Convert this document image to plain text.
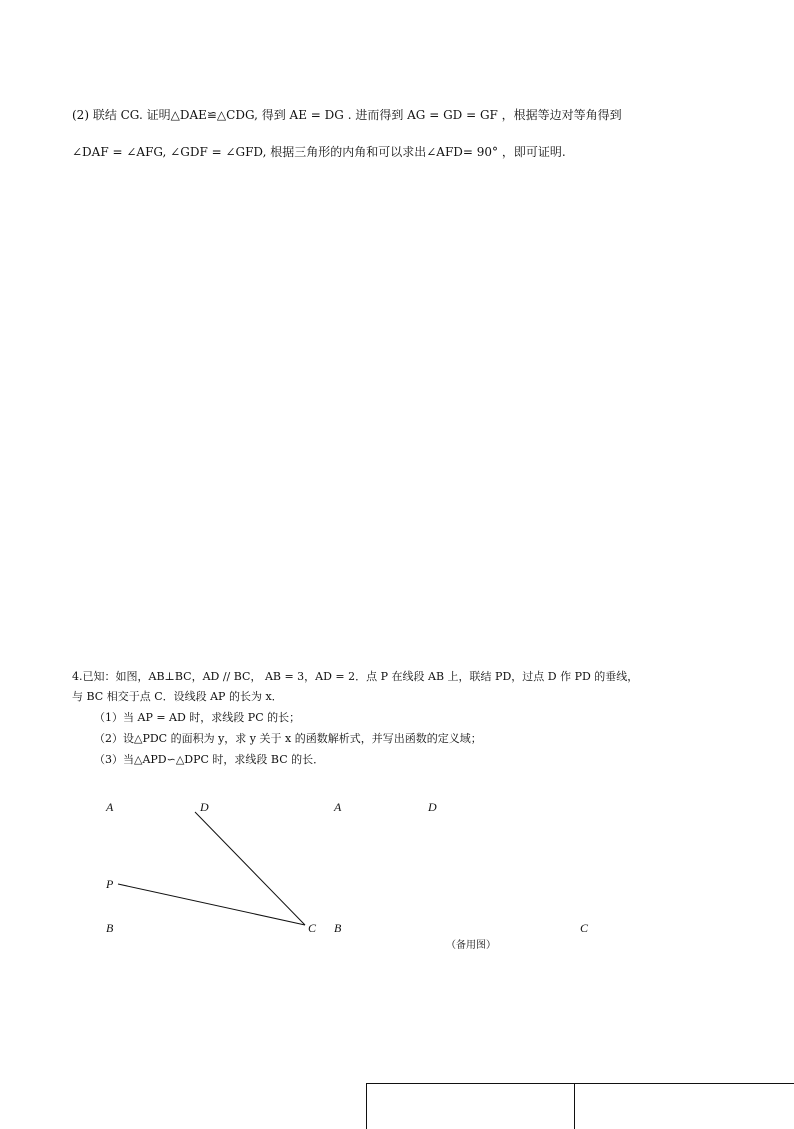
(2) 联结 CG. 证明△DAE≌△CDG, 得到 AE = DG . 进而得到 AG = GD = GF ，根据等边对等角得到
∠DAF = ∠AFG, ∠GDF = ∠GFD, 根据三角形的内角和可以求出∠AFD= 90° ，即可证明.
4.已知：如图，AB⊥BC，AD // BC， AB = 3，AD = 2．点 P 在线段 AB 上，联结 PD，过点 D 作 PD 的垂线，
与 BC 相交于点 C．设线段 AP 的长为 x．
（1）当 AP = AD 时，求线段 PC 的长；
（2）设△PDC 的面积为 y，求 y 关于 x 的函数解析式，并写出函数的定义域；
（3）当△APD∽△DPC 时，求线段 BC 的长．
A	D
P
B	C
A	D
B	C
（备用图）
